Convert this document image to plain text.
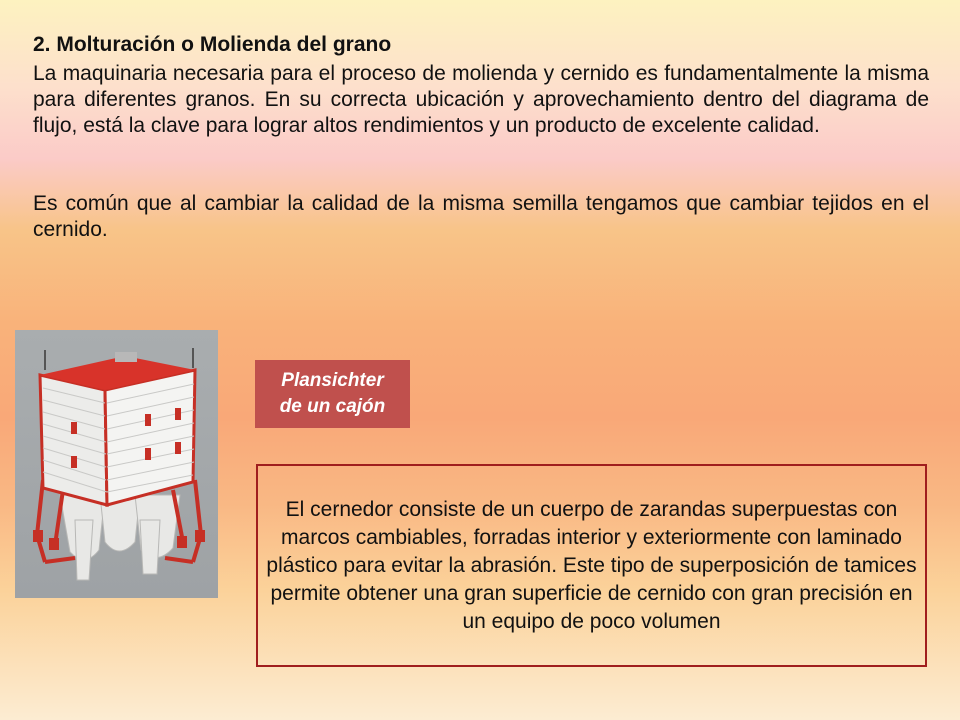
2. Molturación o Molienda del grano

La maquinaria necesaria para el proceso de molienda y cernido es fundamentalmente la misma para diferentes granos. En su correcta ubicación y aprovechamiento dentro del diagrama de flujo, está la clave para lograr altos rendimientos y un producto de excelente calidad.

Es común que al cambiar la calidad de la misma semilla tengamos que cambiar tejidos en el cernido.

Plansichter
de un cajón

El cernedor consiste de un cuerpo de zarandas superpuestas con marcos cambiables, forradas interior y exteriormente con laminado plástico para evitar la abrasión. Este tipo de superposición de tamices permite obtener una gran superficie de cernido con gran precisión en un equipo de poco volumen
